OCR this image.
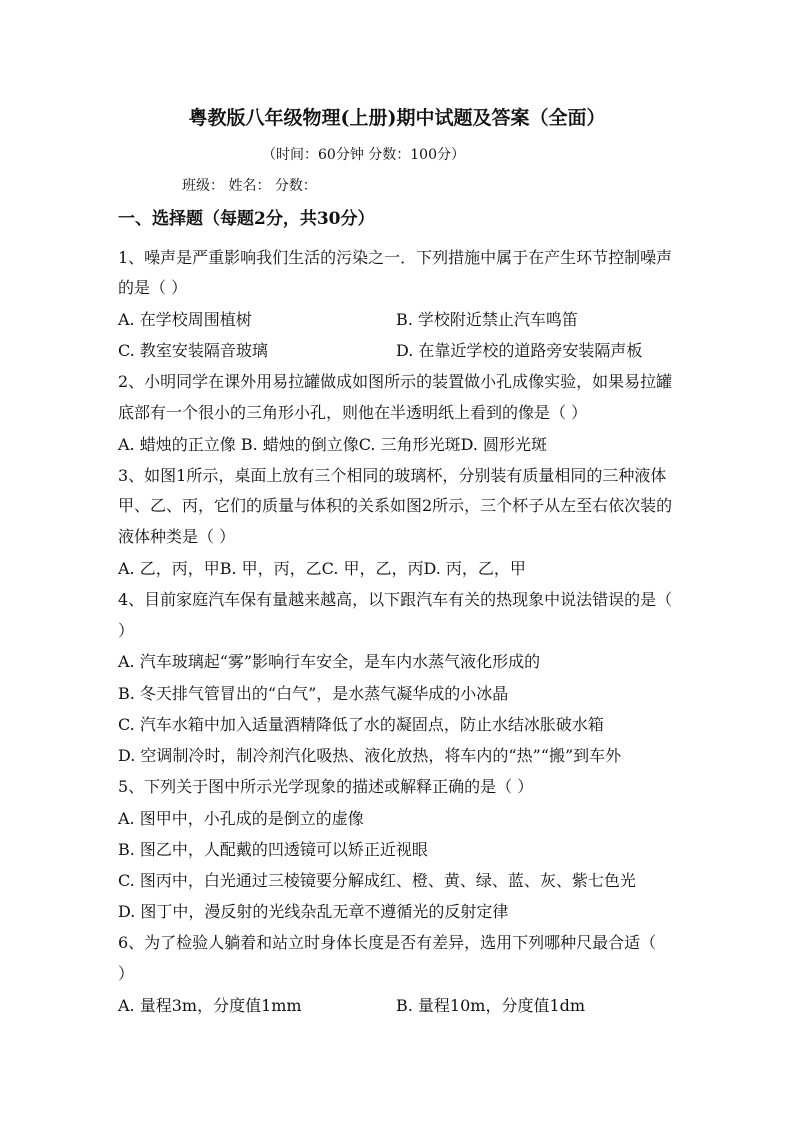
粤教版八年级物理(上册)期中试题及答案（全面）
（时间：60分钟 分数：100分）
班级： 姓名： 分数：
一、选择题（每题2分，共30分）
1、噪声是严重影响我们生活的污染之一．下列措施中属于在产生环节控制噪声
的是（ ）
A. 在学校周围植树	B. 学校附近禁止汽车鸣笛
C. 教室安装隔音玻璃	D. 在靠近学校的道路旁安装隔声板
2、小明同学在课外用易拉罐做成如图所示的装置做小孔成像实验，如果易拉罐
底部有一个很小的三角形小孔，则他在半透明纸上看到的像是（ ）
A. 蜡烛的正立像 B. 蜡烛的倒立像C. 三角形光斑D. 圆形光斑
3、如图1所示，桌面上放有三个相同的玻璃杯，分别装有质量相同的三种液体
甲、乙、丙，它们的质量与体积的关系如图2所示，三个杯子从左至右依次装的
液体种类是（ ）
A. 乙，丙，甲B. 甲，丙，乙C. 甲，乙，丙D. 丙，乙，甲
4、目前家庭汽车保有量越来越高，以下跟汽车有关的热现象中说法错误的是（
）
A. 汽车玻璃起“雾”影响行车安全，是车内水蒸气液化形成的
B. 冬天排气管冒出的“白气”，是水蒸气凝华成的小冰晶
C. 汽车水箱中加入适量酒精降低了水的凝固点，防止水结冰胀破水箱
D. 空调制冷时，制冷剂汽化吸热、液化放热，将车内的“热”“搬”到车外
5、下列关于图中所示光学现象的描述或解释正确的是（ ）
A. 图甲中，小孔成的是倒立的虚像
B. 图乙中，人配戴的凹透镜可以矫正近视眼
C. 图丙中，白光通过三棱镜要分解成红、橙、黄、绿、蓝、灰、紫七色光
D. 图丁中，漫反射的光线杂乱无章不遵循光的反射定律
6、为了检验人躺着和站立时身体长度是否有差异，选用下列哪种尺最合适（
）
A. 量程3m，分度值1mm	B. 量程10m，分度值1dm
